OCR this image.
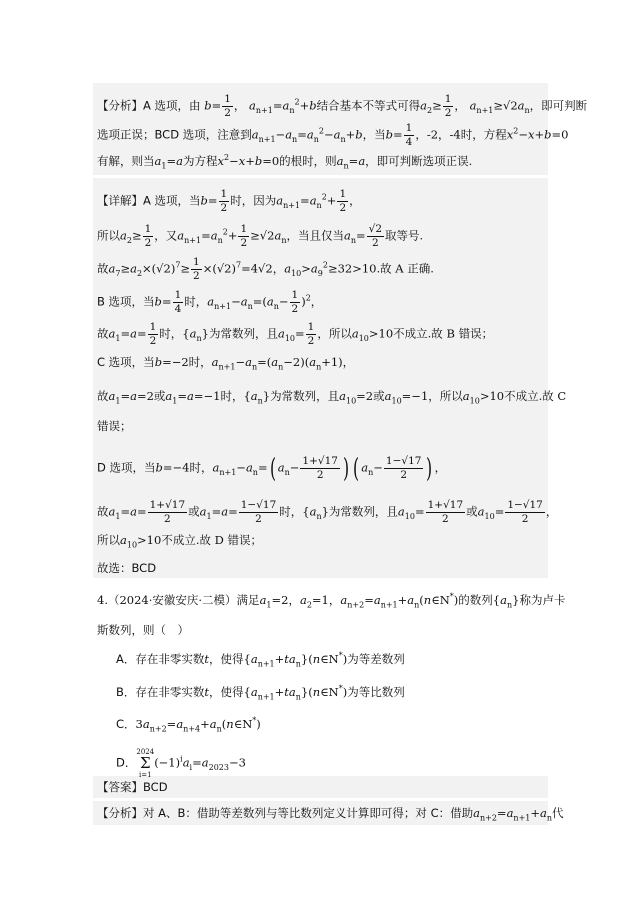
【分析】A 选项，由 $b= \frac{1}{2}$ ， $a_{n+1}=a_n^2+b$结合基本不等式可得$a_2\ge \frac{1}{2}$ ， $a_{n+1}\ge√2a_n$，即可判断
选项正误；BCD 选项，注意到$a_{n+1}-a_n=a_n^2-a_n+b$，当$b= \frac{1}{4}$ ，-2，-4时，方程$x^2-x+b=0$
有解，则当$a_1=a$为方程$x^2-x+b=0$的根时，则$a_n=a$，即可判断选项正误.
【详解】A 选项，当$b= \frac{1}{2}$ 时，因为$a_{n+1}=a_n^2+ \frac{1}{2}$ ，
所以$a_2\ge \frac{1}{2}$ ，又$a_{n+1}=a_n^2+ \frac{1}{2} \ge√2a_n$，当且仅当$a_n= \frac{√2}{2}$ 取等号.
故$a_7\ge a_2\times(√2)^7\ge \frac{1}{2} \times(√2)^7=4√2$，$a_{10}>a_9^2\ge 32>10$.故 A 正确.
B 选项，当$b= \frac{1}{4}$ 时，$a_{n+1}-a_n=(a_n- \frac{1}{2} )^2$，
故$a_1=a= \frac{1}{2}$ 时，$\{a_n\}$为常数列，且$a_{10}= \frac{1}{2}$ ，所以$a_{10}>10$不成立.故 B 错误；
C 选项，当b=−2时，$a_{n+1}-a_n=(a_n-2)(a_n+1)$，
故$a_1=a=2$或$a_1=a=-1$时，$\{a_n\}$为常数列，且$a_{10}=2$或$a_{10}=-1$，所以$a_{10}>10$不成立.故 C
错误；
D 选项，当b=−4时，$a_{n+1}-a_n=$( $a_n- \frac{1+√17}{2}$ ) ( $a_n- \frac{1-√17}{2}$ ) ，
故$a_1=a= \frac{1+√17}{2}$ 或$a_1=a= \frac{1-√17}{2}$ 时，$\{a_n\}$为常数列，且$a_{10}= \frac{1+√17}{2}$ 或$a_{10}= \frac{1-√17}{2}$ ，
所以$a_{10}>10$不成立.故 D 错误；
故选：BCD
4.（2024·安徽安庆·二模）满足$a_1=2$，$a_2=1$，$a_{n+2}=a_{n+1}+a_n(n\in N^*)$的数列$\{a_n\}$称为卢卡
斯数列，则（　）
A．存在非零实数t，使得$\{a_{n+1}+ta_n\}(n\in N^*)$为等差数列
B．存在非零实数t，使得$\{a_{n+1}+ta_n\}(n\in N^*)$为等比数列
C．$3a_{n+2}=a_{n+4}+a_n(n\in N^*)$
D．2024
Σ
$i=1(-1)^ia_i=a_{2023}-3$
【答案】BCD
【分析】对 A、B：借助等差数列与等比数列定义计算即可得；对 C：借助$a_{n+2}=a_{n+1}+a_n$代
